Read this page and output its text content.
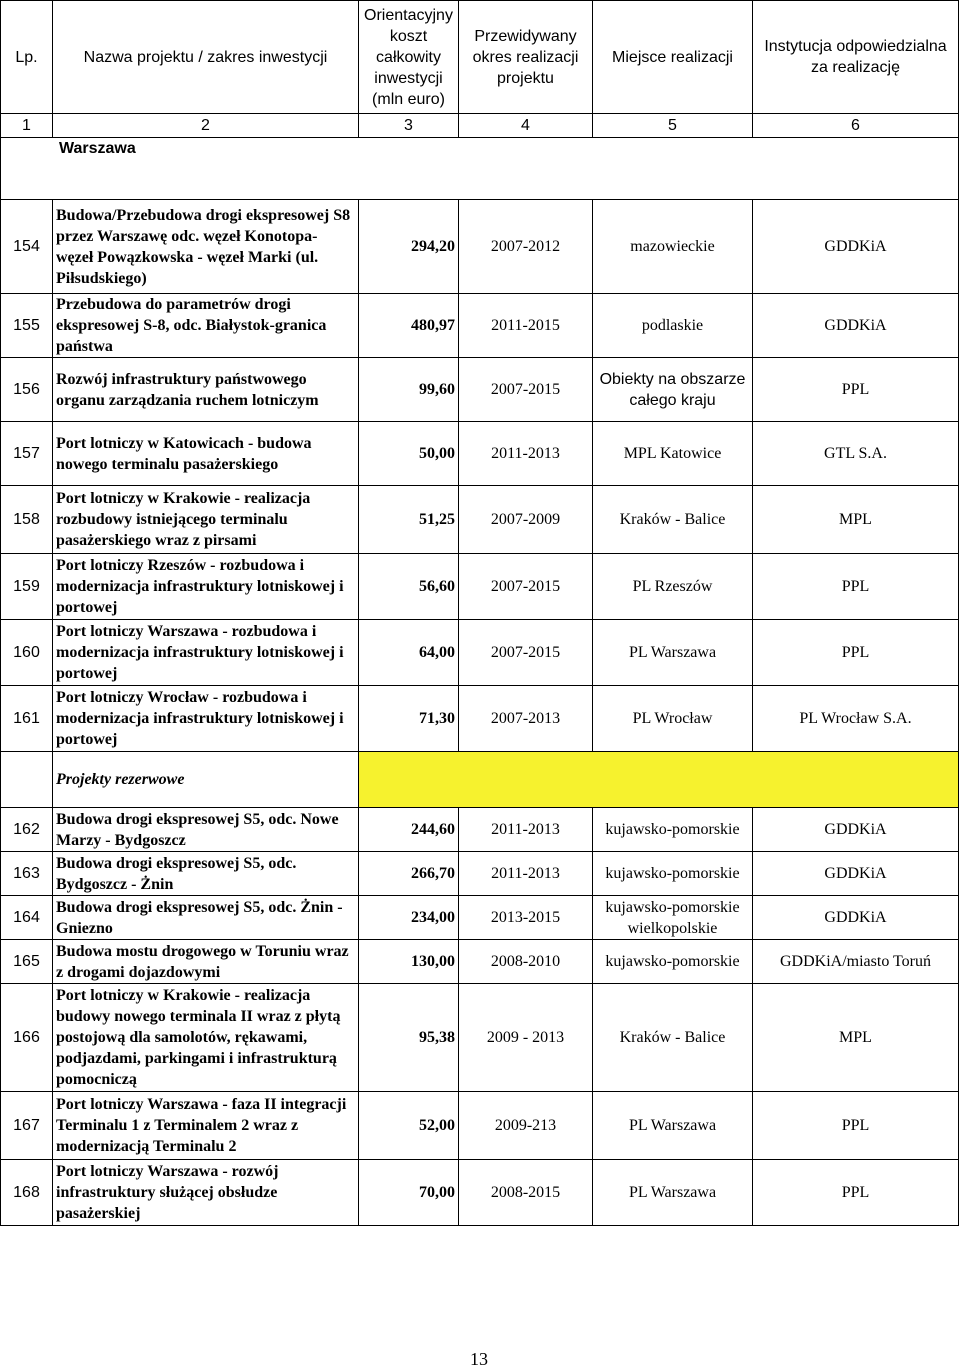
Lp.	Nazwa projektu / zakres inwestycji	Orientacyjny koszt całkowity inwestycji (mln euro)	Przewidywany okres realizacji projektu	Miejsce realizacji	Instytucja odpowiedzialna za realizację
1	2	3	4	5	6
Warszawa					
154	Budowa/Przebudowa drogi ekspresowej S8 przez Warszawę odc. węzeł Konotopa- węzeł Powązkowska - węzeł Marki (ul. Piłsudskiego)	294,20	2007-2012	mazowieckie	GDDKiA
155	Przebudowa do parametrów drogi ekspresowej S-8, odc. Białystok-granica państwa	480,97	2011-2015	podlaskie	GDDKiA
156	Rozwój infrastruktury państwowego organu zarządzania ruchem lotniczym	99,60	2007-2015	Obiekty na obszarze całego kraju	PPL
157	Port lotniczy w Katowicach - budowa nowego terminalu pasażerskiego	50,00	2011-2013	MPL Katowice	GTL S.A.
158	Port lotniczy w Krakowie - realizacja rozbudowy istniejącego terminalu pasażerskiego wraz z pirsami	51,25	2007-2009	Kraków - Balice	MPL
159	Port lotniczy Rzeszów - rozbudowa i modernizacja infrastruktury lotniskowej i portowej	56,60	2007-2015	PL Rzeszów	PPL
160	Port lotniczy Warszawa - rozbudowa i modernizacja infrastruktury lotniskowej i portowej	64,00	2007-2015	PL Warszawa	PPL
161	Port lotniczy Wrocław - rozbudowa i modernizacja infrastruktury lotniskowej i portowej	71,30	2007-2013	PL Wrocław	PL Wrocław S.A.
	Projekty rezerwowe				
162	Budowa drogi ekspresowej S5, odc. Nowe Marzy - Bydgoszcz	244,60	2011-2013	kujawsko-pomorskie	GDDKiA
163	Budowa drogi ekspresowej S5, odc. Bydgoszcz - Żnin	266,70	2011-2013	kujawsko-pomorskie	GDDKiA
164	Budowa drogi ekspresowej S5, odc. Żnin - Gniezno	234,00	2013-2015	kujawsko-pomorskie wielkopolskie	GDDKiA
165	Budowa mostu drogowego w Toruniu wraz z drogami dojazdowymi	130,00	2008-2010	kujawsko-pomorskie	GDDKiA/miasto Toruń
166	Port lotniczy w Krakowie - realizacja budowy nowego terminala II wraz z płytą postojową dla samolotów, rękawami, podjazdami, parkingami i infrastrukturą pomocniczą	95,38	2009 - 2013	Kraków - Balice	MPL
167	Port lotniczy Warszawa - faza II integracji Terminalu 1 z Terminalem 2 wraz z modernizacją Terminalu 2	52,00	2009-213	PL Warszawa	PPL
168	Port lotniczy Warszawa - rozwój infrastruktury służącej obsłudze pasażerskiej	70,00	2008-2015	PL Warszawa	PPL
13
